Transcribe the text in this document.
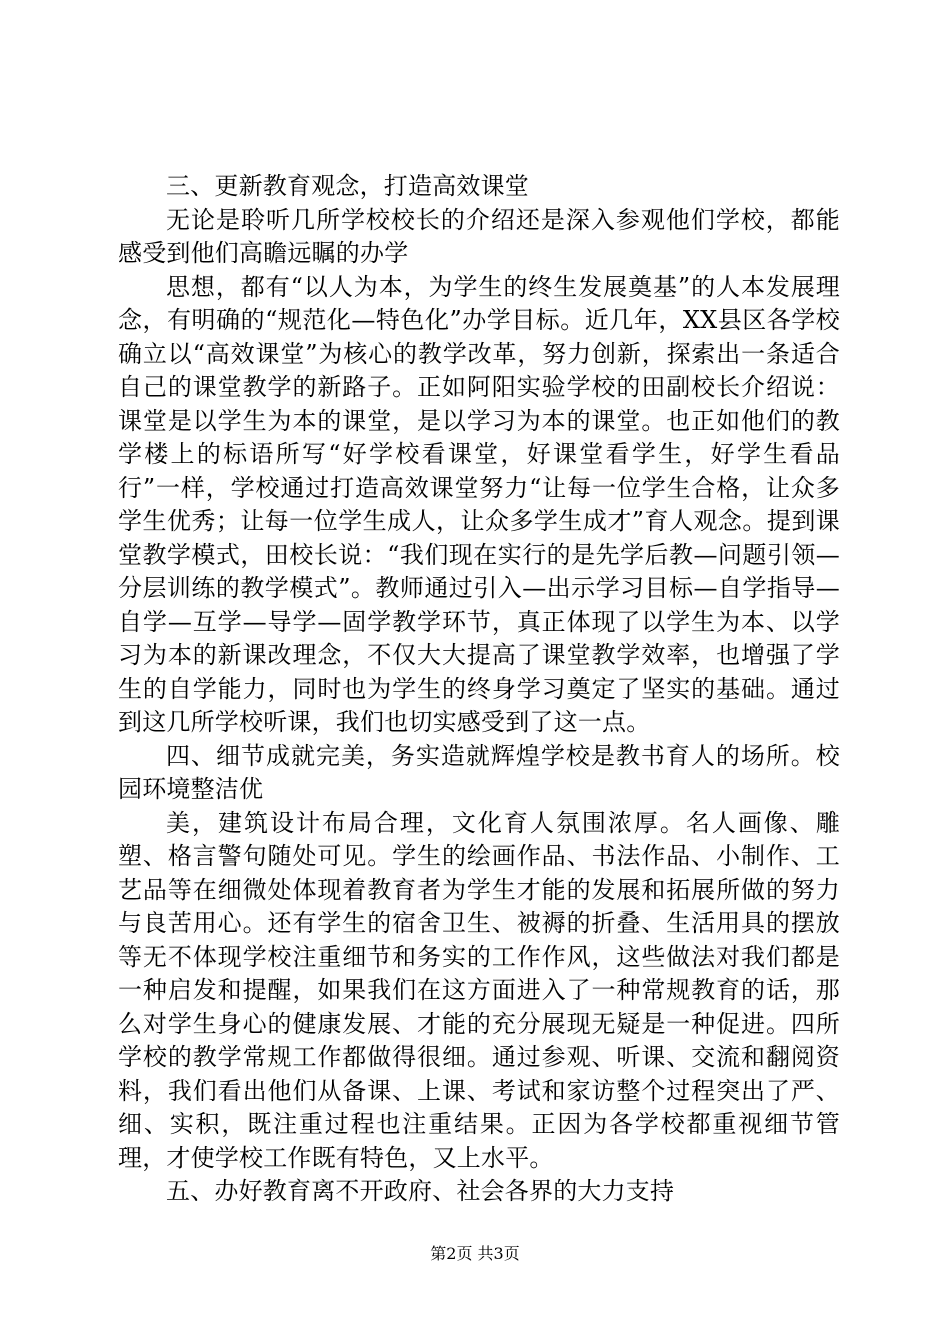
三、更新教育观念，打造高效课堂

无论是聆听几所学校校长的介绍还是深入参观他们学校，都能感受到他们高瞻远瞩的办学

思想，都有“以人为本，为学生的终生发展奠基”的人本发展理念，有明确的“规范化—特色化”办学目标。近几年，XX县区各学校确立以“高效课堂”为核心的教学改革，努力创新，探索出一条适合自己的课堂教学的新路子。正如阿阳实验学校的田副校长介绍说：课堂是以学生为本的课堂，是以学习为本的课堂。也正如他们的教学楼上的标语所写“好学校看课堂，好课堂看学生，好学生看品行”一样，学校通过打造高效课堂努力“让每一位学生合格，让众多学生优秀；让每一位学生成人，让众多学生成才”育人观念。提到课堂教学模式，田校长说：“我们现在实行的是先学后教—问题引领—分层训练的教学模式”。教师通过引入—出示学习目标—自学指导—自学—互学—导学—固学教学环节，真正体现了以学生为本、以学习为本的新课改理念，不仅大大提高了课堂教学效率，也增强了学生的自学能力，同时也为学生的终身学习奠定了坚实的基础。通过到这几所学校听课，我们也切实感受到了这一点。

四、细节成就完美，务实造就辉煌学校是教书育人的场所。校园环境整洁优

美，建筑设计布局合理，文化育人氛围浓厚。名人画像、雕塑、格言警句随处可见。学生的绘画作品、书法作品、小制作、工艺品等在细微处体现着教育者为学生才能的发展和拓展所做的努力与良苦用心。还有学生的宿舍卫生、被褥的折叠、生活用具的摆放等无不体现学校注重细节和务实的工作作风，这些做法对我们都是一种启发和提醒，如果我们在这方面进入了一种常规教育的话，那么对学生身心的健康发展、才能的充分展现无疑是一种促进。四所学校的教学常规工作都做得很细。通过参观、听课、交流和翻阅资料，我们看出他们从备课、上课、考试和家访整个过程突出了严、细、实积，既注重过程也注重结果。正因为各学校都重视细节管理，才使学校工作既有特色，又上水平。

五、办好教育离不开政府、社会各界的大力支持

第2页 共3页
